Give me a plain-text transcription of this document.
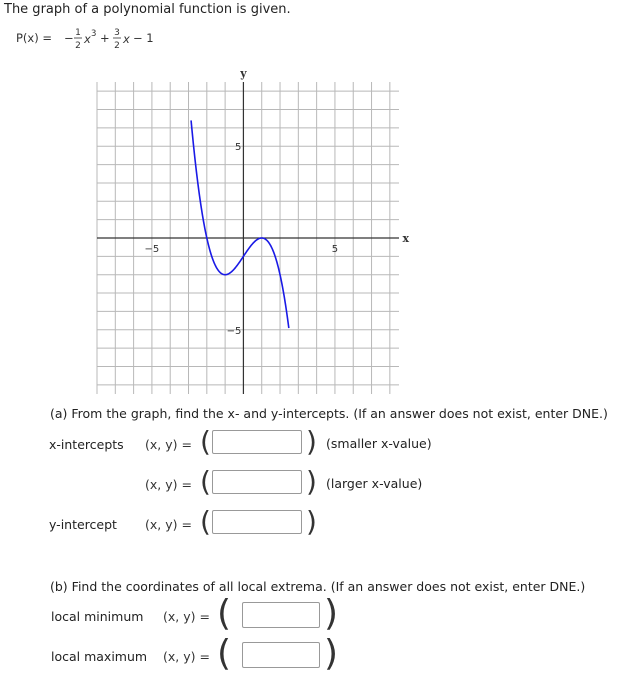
The graph of a polynomial function is given.
P(x) = − 1
2 x 3 + 3
2 x − 1
−5	5
5
−5
x
y
(a) From the graph, find the x- and y-intercepts. (If an answer does not exist, enter DNE.)
x-intercepts (x, y) = (	) (smaller x-value)
(x, y) = (	) (larger x-value)
y-intercept (x, y) = (	)
(b) Find the coordinates of all local extrema. (If an answer does not exist, enter DNE.)
local minimum (x, y) = (	)
local maximum (x, y) = (	)
